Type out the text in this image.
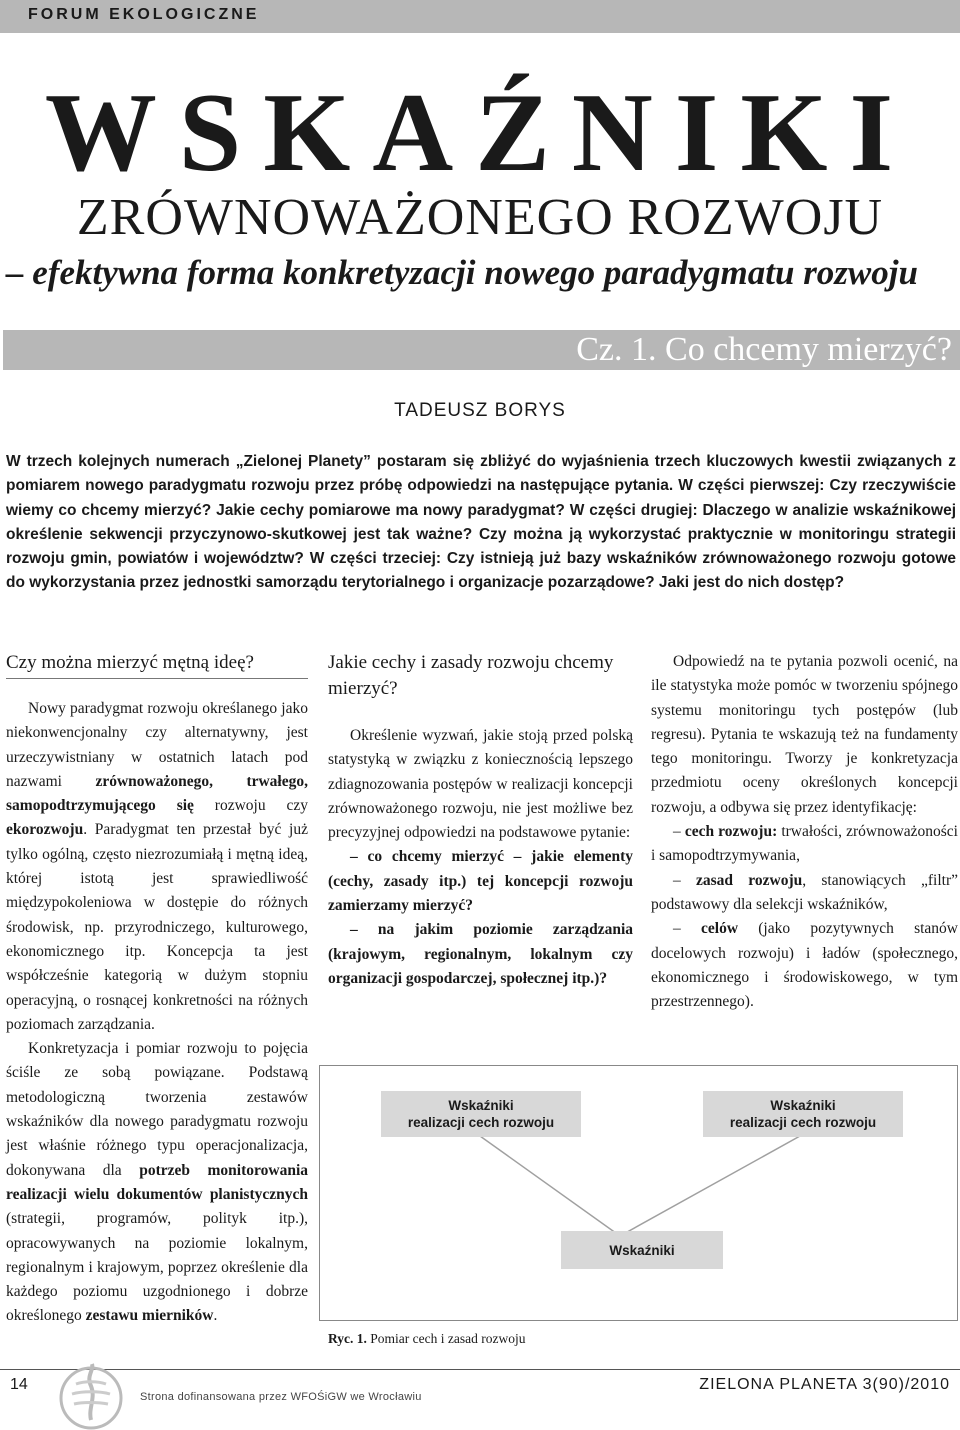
FORUM EKOLOGICZNE
WSKAŹNIKI
ZRÓWNOWAŻONEGO ROZWOJU
– efektywna forma konkretyzacji nowego paradygmatu rozwoju
Cz. 1. Co chcemy mierzyć?
TADEUSZ BORYS
W trzech kolejnych numerach „Zielonej Planety” postaram się zbliżyć do wyjaśnienia trzech kluczowych kwestii związanych z pomiarem nowego paradygmatu rozwoju przez próbę odpowiedzi na następujące pytania. W części pierwszej: Czy rzeczywiście wiemy co chcemy mierzyć? Jakie cechy pomiarowe ma nowy paradygmat? W części drugiej: Dlaczego w analizie wskaźnikowej określenie sekwencji przyczynowo-skutkowej jest tak ważne? Czy można ją wykorzystać praktycznie w monitoringu strategii rozwoju gmin, powiatów i województw? W części trzeciej: Czy istnieją już bazy wskaźników zrównoważonego rozwoju gotowe do wykorzystania przez jednostki samorządu terytorialnego i organizacje pozarządowe? Jaki jest do nich dostęp?
Czy można mierzyć mętną ideę?

Nowy paradygmat rozwoju określanego jako niekonwencjonalny czy alternatywny, jest urzeczywistniany w ostatnich latach pod nazwami zrównoważonego, trwałego, samopodtrzymującego się rozwoju czy ekorozwoju. Paradygmat ten przestał być już tylko ogólną, często niezrozumiałą i mętną ideą, której istotą jest sprawiedliwość międzypokoleniowa w dostępie do różnych środowisk, np. przyrodniczego, kulturowego, ekonomicznego itp. Koncepcja ta jest współcześnie kategorią w dużym stopniu operacyjną, o rosnącej konkretności na różnych poziomach zarządzania.

Konkretyzacja i pomiar rozwoju to pojęcia ściśle ze sobą powiązane. Podstawą metodologiczną tworzenia zestawów wskaźników dla nowego paradygmatu rozwoju jest właśnie różnego typu operacjonalizacja, dokonywana dla potrzeb monitorowania realizacji wielu dokumentów planistycznych (strategii, programów, polityk itp.), opracowywanych na poziomie lokalnym, regionalnym i krajowym, poprzez określenie dla każdego poziomu uzgodnionego i dobrze określonego zestawu mierników.

Jakie cechy i zasady rozwoju chcemy mierzyć?

Określenie wyzwań, jakie stoją przed polską statystyką w związku z koniecznością lepszego zdiagnozowania postępów w realizacji koncepcji zrównoważonego rozwoju, nie jest możliwe bez precyzyjnej odpowiedzi na podstawowe pytanie:

– co chcemy mierzyć – jakie elementy (cechy, zasady itp.) tej koncepcji rozwoju zamierzamy mierzyć?

– na jakim poziomie zarządzania (krajowym, regionalnym, lokalnym czy organizacji gospodarczej, społecznej itp.)?

Odpowiedź na te pytania pozwoli ocenić, na ile statystyka może pomóc w tworzeniu spójnego systemu monitoringu tych postępów (lub regresu). Pytania te wskazują też na fundamenty tego monitoringu. Tworzy je konkretyzacja przedmiotu oceny określonych koncepcji rozwoju, a odbywa się przez identyfikację:

– cech rozwoju: trwałości, zrównoważoności i samopodtrzymywania,

– zasad rozwoju, stanowiących „filtr” podstawowy dla selekcji wskaźników,

– celów (jako pozytywnych stanów docelowych rozwoju) i ładów (społecznego, ekonomicznego i środowiskowego, w tym przestrzennego).

Wskaźniki
realizacji cech rozwoju
Wskaźniki
realizacji cech rozwoju
Wskaźniki
Ryc. 1. Pomiar cech i zasad rozwoju
14
Strona dofinansowana przez WFOŚiGW we Wrocławiu
ZIELONA PLANETA 3(90)/2010
